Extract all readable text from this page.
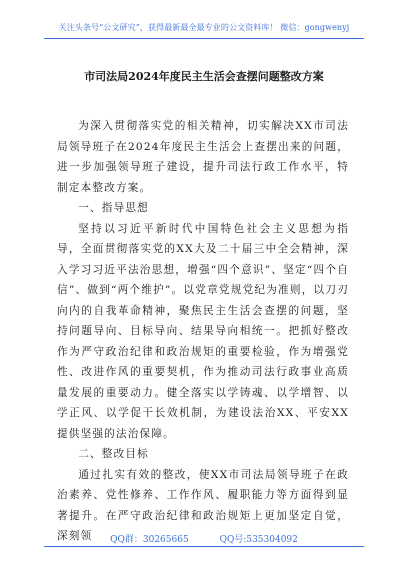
关注头条号“公文研究”，获得最新最全最专业的公文资料库！ 微信：gongwenyj
市司法局2024年度民主生活会查摆问题整改方案

为深入贯彻落实党的相关精神，切实解决XX市司法局领导班子在2024年度民主生活会上查摆出来的问题，进一步加强领导班子建设，提升司法行政工作水平，特制定本整改方案。

一、指导思想

坚持以习近平新时代中国特色社会主义思想为指导，全面贯彻落实党的XX大及二十届三中全会精神，深入学习习近平法治思想，增强“四个意识”、坚定“四个自信”、做到“两个维护”。以党章党规党纪为准则，以刀刃向内的自我革命精神，聚焦民主生活会查摆的问题，坚持问题导向、目标导向、结果导向相统一。把抓好整改作为严守政治纪律和政治规矩的重要检验，作为增强党性、改进作风的重要契机，作为推动司法行政事业高质量发展的重要动力。健全落实以学铸魂、以学增智、以学正风、以学促干长效机制，为建设法治XX、平安XX提供坚强的法治保障。

二、整改目标

通过扎实有效的整改，使XX市司法局领导班子在政治素养、党性修养、工作作风、履职能力等方面得到显著提升。在严守政治纪律和政治规矩上更加坚定自觉，深刻领	QQ群：30265665	QQ号:535304092
